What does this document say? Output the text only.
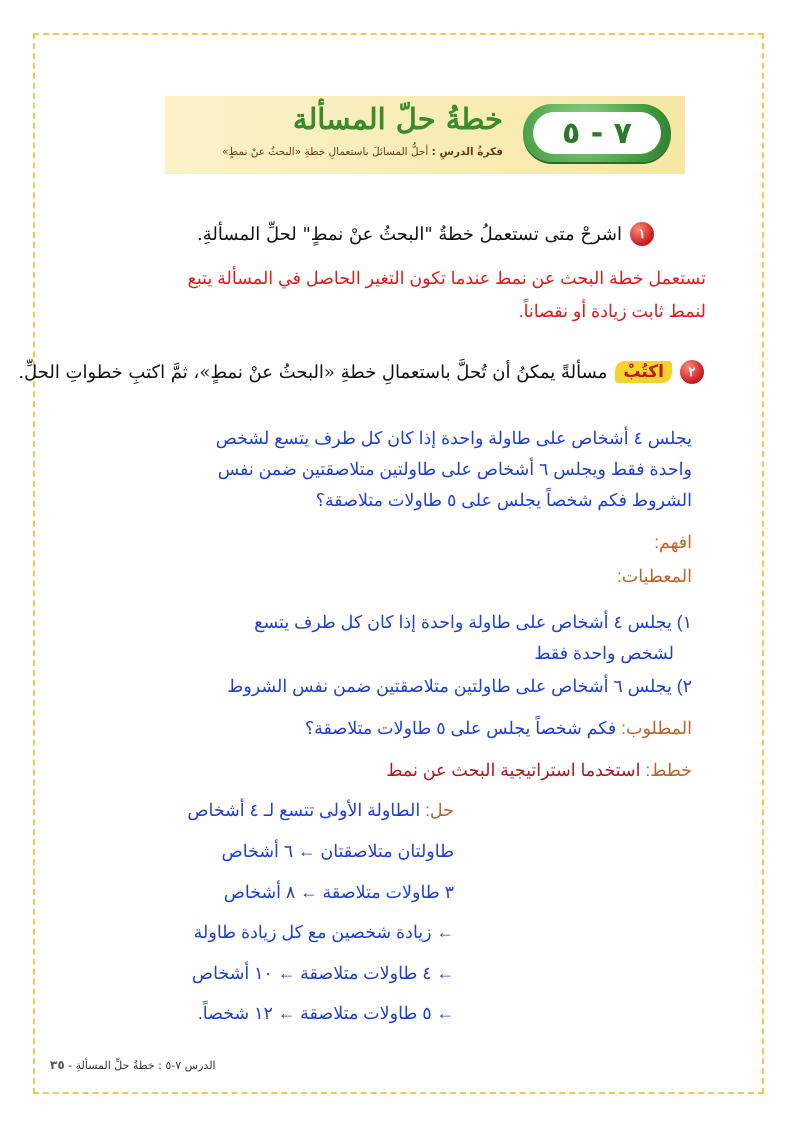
٧ - ٥
خطةُ حلّ المسألة
فكرةُ الدرسِ : أحلُّ المسائلَ باستعمالِ خطةِ «البحثُ عنْ نمطٍ»
١
اشرحْ متى تستعملُ خطةُ "البحثُ عنْ نمطٍ" لحلِّ المسألةِ.
تستعمل خطة البحث عن نمط عندما تكون التغير الحاصل في المسألة يتبع
لنمط ثابت زيادة أو نقصاناً.
٢
اكتُبْ
مسألةً يمكنُ أن تُحلَّ باستعمالِ خطةِ «البحثُ عنْ نمطٍ»، ثمَّ اكتبِ خطواتِ الحلِّ.
يجلس ٤ أشخاص على طاولة واحدة إذا كان كل طرف يتسع لشخص
واحدة فقط ويجلس ٦ أشخاص على طاولتين متلاصقتين ضمن نفس
الشروط فكم شخصاً يجلس على ٥ طاولات متلاصقة؟
افهم:
المعطيات:
١) يجلس ٤ أشخاص على طاولة واحدة إذا كان كل طرف يتسع
لشخص واحدة فقط
٢) يجلس ٦ أشخاص على طاولتين متلاصقتين ضمن نفس الشروط
المطلوب: فكم شخصاً يجلس على ٥ طاولات متلاصقة؟
خطط: استخدما استراتيجية البحث عن نمط
حل: الطاولة الأولى تتسع لـ ٤ أشخاص
طاولتان متلاصقتان ← ٦ أشخاص
٣ طاولات متلاصقة ← ٨ أشخاص
← زيادة شخصين مع كل زيادة طاولة
← ٤ طاولات متلاصقة ← ١٠ أشخاص
← ٥ طاولات متلاصقة ← ١٢ شخصاً.
الدرس ٧-٥ : خطةُ حلِّ المسألةِ - ٣٥
